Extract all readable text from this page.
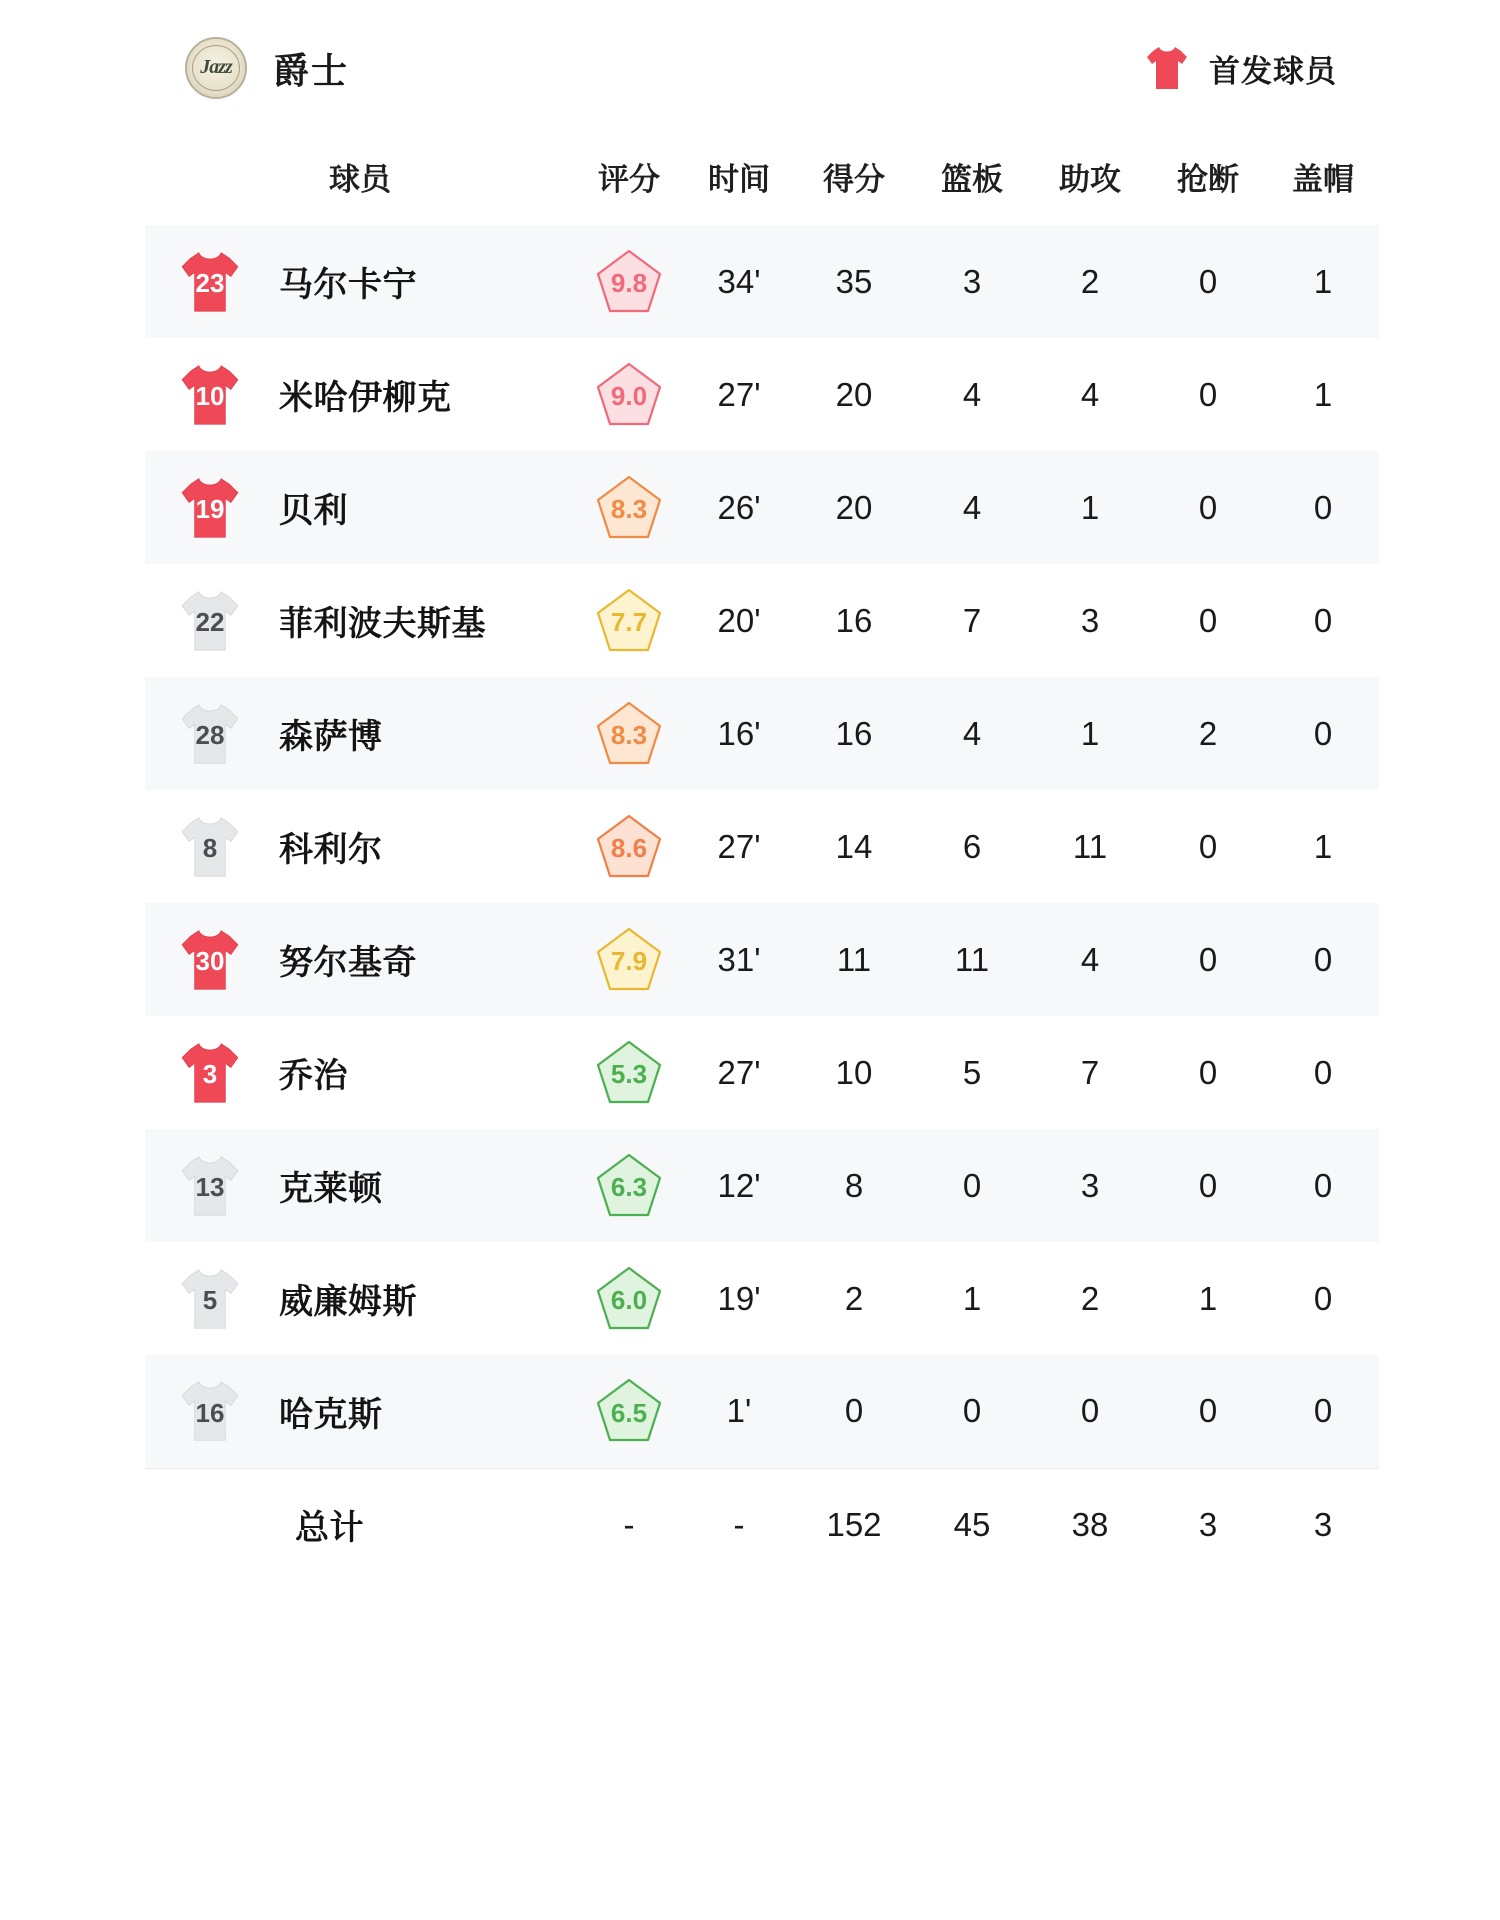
Jazz 爵士	首发球员
球员	评分	时间	得分	篮板	助攻	抢断	盖帽

23 马尔卡宁	9.8	34'	35	3	2	0	1

10 米哈伊柳克	9.0	27'	20	4	4	0	1

19 贝利	8.3	26'	20	4	1	0	0

22 菲利波夫斯基	7.7	20'	16	7	3	0	0

28 森萨博	8.3	16'	16	4	1	2	0

8 科利尔	8.6	27'	14	6	11	0	1

30 努尔基奇	7.9	31'	11	11	4	0	0

3 乔治	5.3	27'	10	5	7	0	0

13 克莱顿	6.3	12'	8	0	3	0	0

5 威廉姆斯	6.0	19'	2	1	2	1	0

16 哈克斯	6.5	1'	0	0	0	0	0
总计	-	-	152	45	38	3	3
